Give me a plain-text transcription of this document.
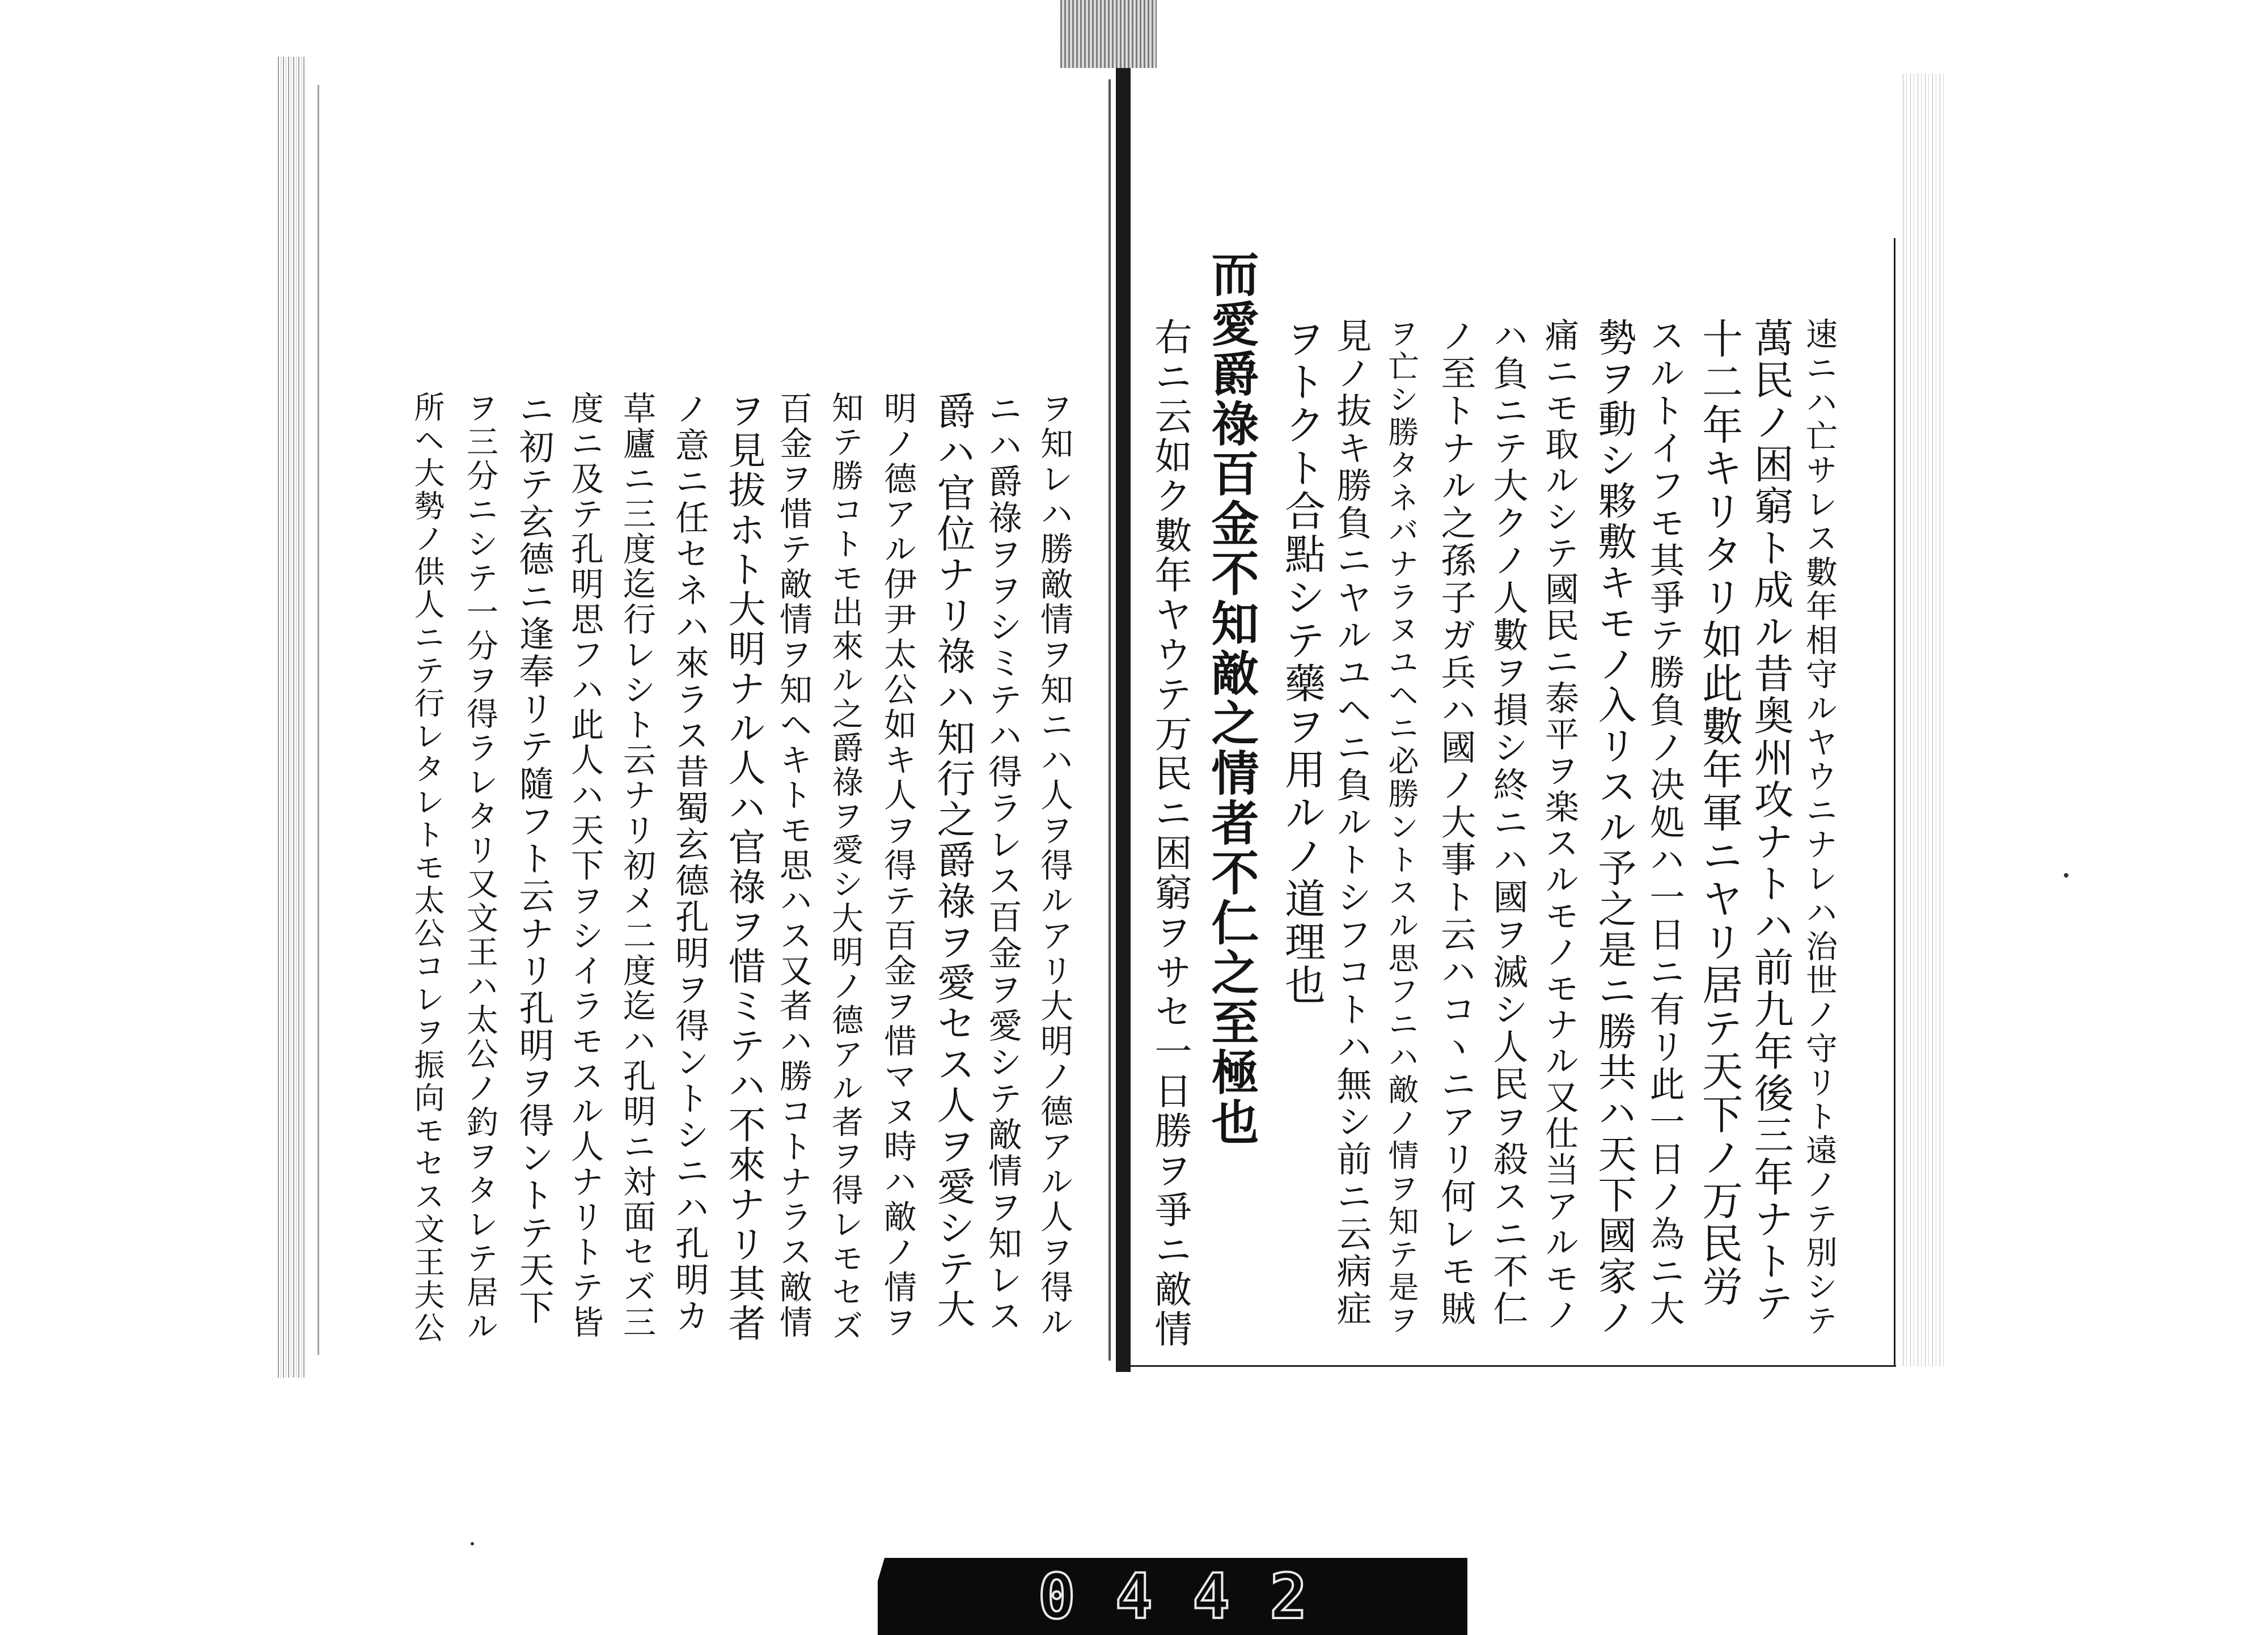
速ニハ亡サレス數年相守ルヤウニナレハ治世ノ守リト遠ノテ別シテ
萬民ノ困窮ト成ル昔奥州攻ナトハ前九年後三年ナトテ
十二年キリタリ如此數年軍ニヤリ居テ天下ノ万民労
スルトイフモ其爭テ勝負ノ决処ハ一日ニ有リ此一日ノ為ニ大
勢ヲ動シ夥敷キモノ入リスル予之是ニ勝共ハ天下國家ノ
痛ニモ取ルシテ國民ニ泰平ヲ楽スルモノモナル又仕当アルモノ
ハ負ニテ大クノ人數ヲ損シ終ニハ國ヲ滅シ人民ヲ殺スニ不仁
ノ至トナル之孫子ガ兵ハ國ノ大事ト云ハコヽニアリ何レモ賊
ヲ亡シ勝タネバナラヌユヘニ必勝ントスル思フニハ敵ノ情ヲ知テ是ヲ
見ノ抜キ勝負ニヤルユヘニ負ルトシフコトハ無シ前ニ云病症
ヲトクト合點シテ藥ヲ用ルノ道理也
而愛爵祿百金不知敵之情者不仁之至極也
右ニ云如ク數年ヤウテ万民ニ困窮ヲサセ一日勝ヲ爭ニ敵情
ヲ知レハ勝敵情ヲ知ニハ人ヲ得ルアリ大明ノ德アル人ヲ得ル
ニハ爵祿ヲヲシミテハ得ラレス百金ヲ愛シテ敵情ヲ知レス
爵ハ官位ナリ祿ハ知行之爵祿ヲ愛セス人ヲ愛シテ大
明ノ德アル伊尹太公如キ人ヲ得テ百金ヲ惜マヌ時ハ敵ノ情ヲ
知テ勝コトモ出來ル之爵祿ヲ愛シ大明ノ德アル者ヲ得レモセズ
百金ヲ惜テ敵情ヲ知ヘキトモ思ハス又者ハ勝コトナラス敵情
ヲ見拔ホト大明ナル人ハ官祿ヲ惜ミテハ不來ナリ其者
ノ意ニ任セネハ來ラス昔蜀玄德孔明ヲ得ントシニハ孔明カ
草廬ニ三度迄行レシト云ナリ初メ二度迄ハ孔明ニ対面セズ三
度ニ及テ孔明思フハ此人ハ天下ヲシイラモスル人ナリトテ皆
ニ初テ玄德ニ逢奉リテ隨フト云ナリ孔明ヲ得ントテ天下
ヲ三分ニシテ一分ヲ得ラレタリ又文王ハ太公ノ釣ヲタレテ居ル
所ヘ大勢ノ供人ニテ行レタレトモ太公コレヲ振向モセス文王夫公
0 4 4 2
